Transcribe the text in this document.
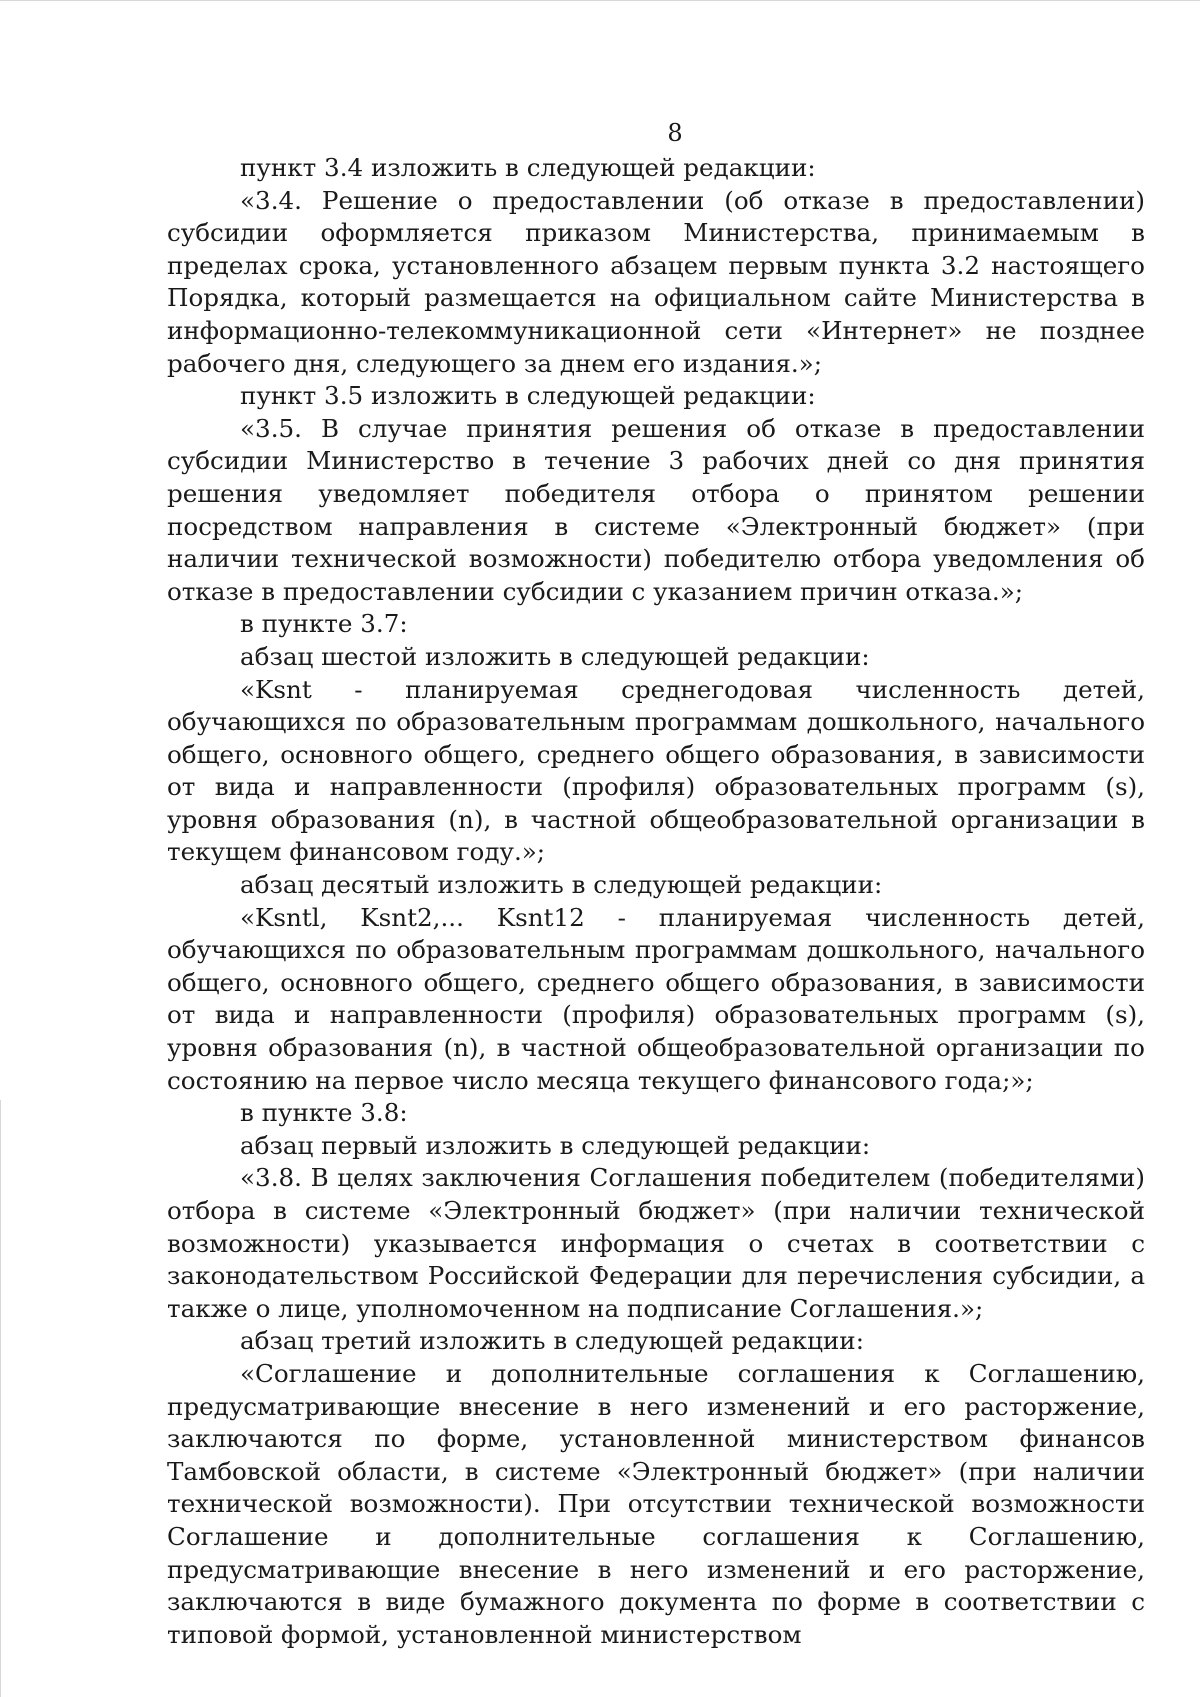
8

пункт 3.4 изложить в следующей редакции:

«3.4. Решение о предоставлении (об отказе в предоставлении) субсидии оформляется приказом Министерства, принимаемым в пределах срока, установленного абзацем первым пункта 3.2 настоящего Порядка, который размещается на официальном сайте Министерства в информационно-телекоммуникационной сети «Интернет» не позднее рабочего дня, следующего за днем его издания.»;

пункт 3.5 изложить в следующей редакции:

«3.5. В случае принятия решения об отказе в предоставлении субсидии Министерство в течение 3 рабочих дней со дня принятия решения уведомляет победителя отбора о принятом решении посредством направления в системе «Электронный бюджет» (при наличии технической возможности) победителю отбора уведомления об отказе в предоставлении субсидии с указанием причин отказа.»;

в пункте 3.7:

абзац шестой изложить в следующей редакции:

«Ksnt - планируемая среднегодовая численность детей, обучающихся по образовательным программам дошкольного, начального общего, основного общего, среднего общего образования, в зависимости от вида и направленности (профиля) образовательных программ (s), уровня образования (n), в частной общеобразовательной организации в текущем финансовом году.»;

абзац десятый изложить в следующей редакции:

«Ksntl, Ksnt2,... Ksnt12 - планируемая численность детей, обучающихся по образовательным программам дошкольного, начального общего, основного общего, среднего общего образования, в зависимости от вида и направленности (профиля) образовательных программ (s), уровня образования (n), в частной общеобразовательной организации по состоянию на первое число месяца текущего финансового года;»;

в пункте 3.8:

абзац первый изложить в следующей редакции:

«3.8. В целях заключения Соглашения победителем (победителями) отбора в системе «Электронный бюджет» (при наличии технической возможности) указывается информация о счетах в соответствии с законодательством Российской Федерации для перечисления субсидии, а также о лице, уполномоченном на подписание Соглашения.»;

абзац третий изложить в следующей редакции:

«Соглашение и дополнительные соглашения к Соглашению, предусматривающие внесение в него изменений и его расторжение, заключаются по форме, установленной министерством финансов Тамбовской области, в системе «Электронный бюджет» (при наличии технической возможности). При отсутствии технической возможности Соглашение и дополнительные соглашения к Соглашению, предусматривающие внесение в него изменений и его расторжение, заключаются в виде бумажного документа по форме в соответствии с типовой формой, установленной министерством
